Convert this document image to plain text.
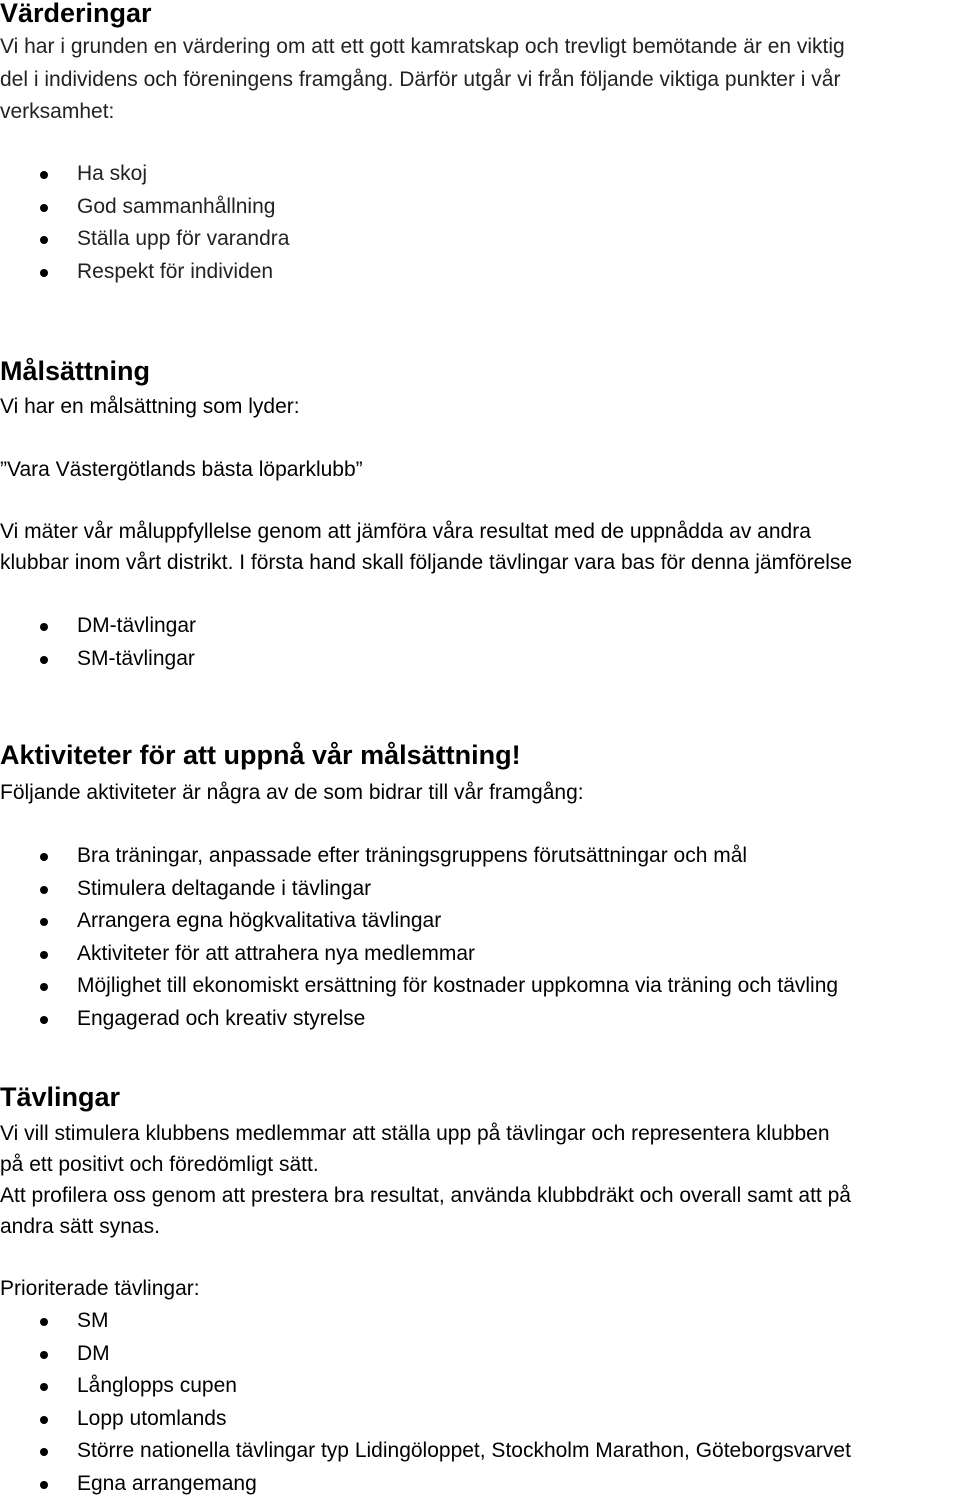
Värderingar

Vi har i grunden en värdering om att ett gott kamratskap och trevligt bemötande är en viktig

del i individens och föreningens framgång. Därför utgår vi från följande viktiga punkter i vår

verksamhet:

Ha skoj
God sammanhållning
Ställa upp för varandra
Respekt för individen
Målsättning

Vi har en målsättning som lyder:

”Vara Västergötlands bästa löparklubb”

Vi mäter vår måluppfyllelse genom att jämföra våra resultat med de uppnådda av andra

klubbar inom vårt distrikt. I första hand skall följande tävlingar vara bas för denna jämförelse

DM-tävlingar
SM-tävlingar
Aktiviteter för att uppnå vår målsättning!

Följande aktiviteter är några av de som bidrar till vår framgång:

Bra träningar, anpassade efter träningsgruppens förutsättningar och mål
Stimulera deltagande i tävlingar
Arrangera egna högkvalitativa tävlingar
Aktiviteter för att attrahera nya medlemmar
Möjlighet till ekonomiskt ersättning för kostnader uppkomna via träning och tävling
Engagerad och kreativ styrelse
Tävlingar

Vi vill stimulera klubbens medlemmar att ställa upp på tävlingar och representera klubben

på ett positivt och föredömligt sätt.

Att profilera oss genom att prestera bra resultat, använda klubbdräkt och overall samt att på

andra sätt synas.

Prioriterade tävlingar:

SM
DM
Långlopps cupen
Lopp utomlands
Större nationella tävlingar typ Lidingöloppet, Stockholm Marathon, Göteborgsvarvet
Egna arrangemang
